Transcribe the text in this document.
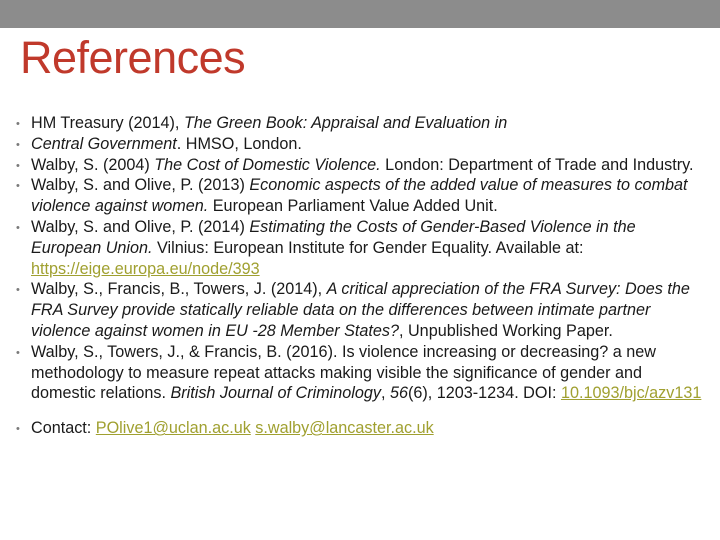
References
• HM Treasury (2014), The Green Book: Appraisal and Evaluation in
• Central Government. HMSO, London.
• Walby, S. (2004) The Cost of Domestic Violence. London: Department of Trade and Industry.
• Walby, S. and Olive, P. (2013) Economic aspects of the added value of measures to combat violence against women. European Parliament Value Added Unit.
• Walby, S. and Olive, P. (2014) Estimating the Costs of Gender-Based Violence in the European Union. Vilnius: European Institute for Gender Equality. Available at: https://eige.europa.eu/node/393
• Walby, S., Francis, B., Towers, J. (2014), A critical appreciation of the FRA Survey: Does the FRA Survey provide statically reliable data on the differences between intimate partner violence against women in EU -28 Member States?, Unpublished Working Paper.
• Walby, S., Towers, J., & Francis, B. (2016). Is violence increasing or decreasing? a new methodology to measure repeat attacks making visible the significance of gender and domestic relations. British Journal of Criminology, 56(6), 1203-1234. DOI: 10.1093/bjc/azv131
• Contact: POlive1@uclan.ac.uk s.walby@lancaster.ac.uk
